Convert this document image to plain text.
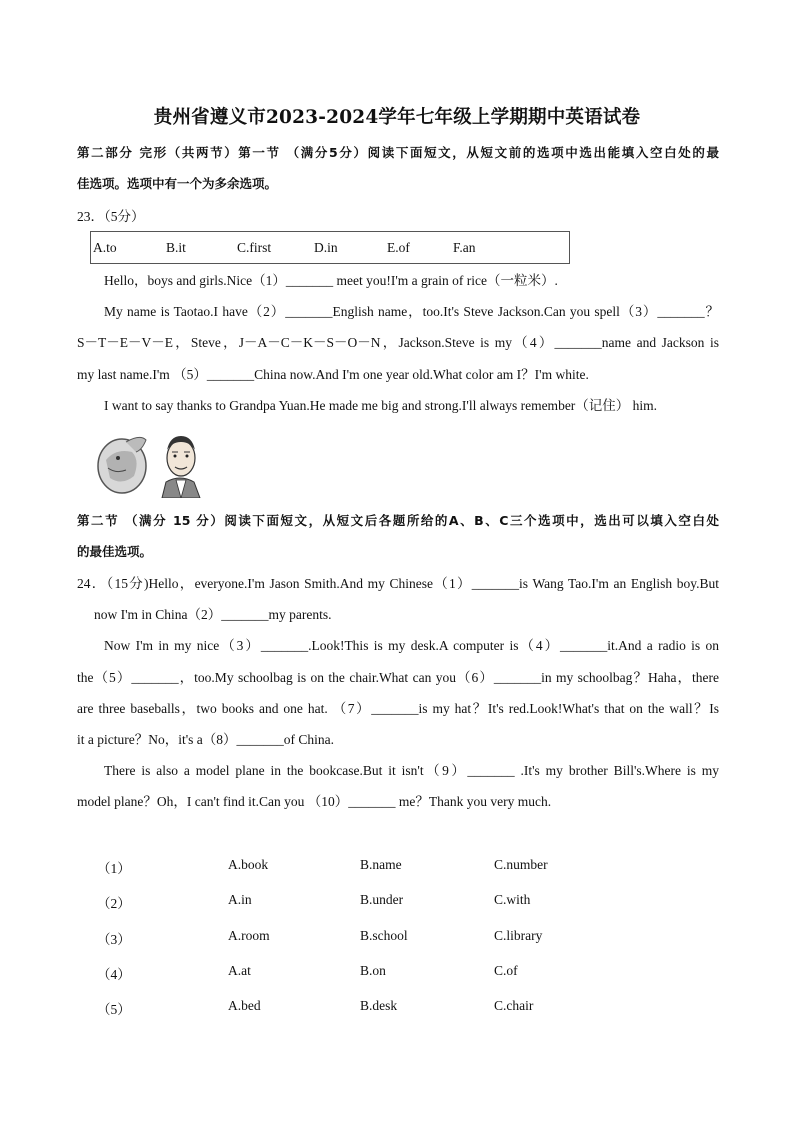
贵州省遵义市2023-2024学年七年级上学期期中英语试卷
第二部分 完形（共两节）第一节 （满分5分）阅读下面短文，从短文前的选项中选出能填入空白处的最
佳选项。选项中有一个为多余选项。
23．（5分）
A.to	B.it	C.first	D.in	E.of	F.an

Hello，boys and girls.Nice（1）_______ meet you!I'm a grain of rice（一粒米）.

My name is Taotao.I have（2）_______English name，too.It's Steve Jackson.Can you spell（3）_______？

S－T－E－V－E，Steve，J－A－C－K－S－O－N，Jackson.Steve is my（4）_______name and Jackson is

my last name.I'm （5）_______China now.And I'm one year old.What color am I？I'm white.

I want to say thanks to Grandpa Yuan.He made me big and strong.I'll always remember（记住） him.

第二节 （满分 15 分）阅读下面短文，从短文后各题所给的A、B、C三个选项中，选出可以填入空白处
的最佳选项。

24．（15分)Hello，everyone.I'm Jason Smith.And my Chinese（1）_______is Wang Tao.I'm an English boy.But

now I'm in China（2）_______my parents.

Now I'm in my nice（3）_______.Look!This is my desk.A computer is（4）_______it.And a radio is on

the（5）_______，too.My schoolbag is on the chair.What can you（6）_______in my schoolbag？Haha，there

are three baseballs，two books and one hat. （7）_______is my hat？It's red.Look!What's that on the wall？Is

it a picture？No，it's a（8）_______of China.

There is also a model plane in the bookcase.But it isn't（9）_______ .It's my brother Bill's.Where is my

model plane？Oh，I can't find it.Can you （10）_______ me？Thank you very much.

（1）	A.book	B.name	C.number
（2）	A.in	B.under	C.with
（3）	A.room	B.school	C.library
（4）	A.at	B.on	C.of
（5）	A.bed	B.desk	C.chair
